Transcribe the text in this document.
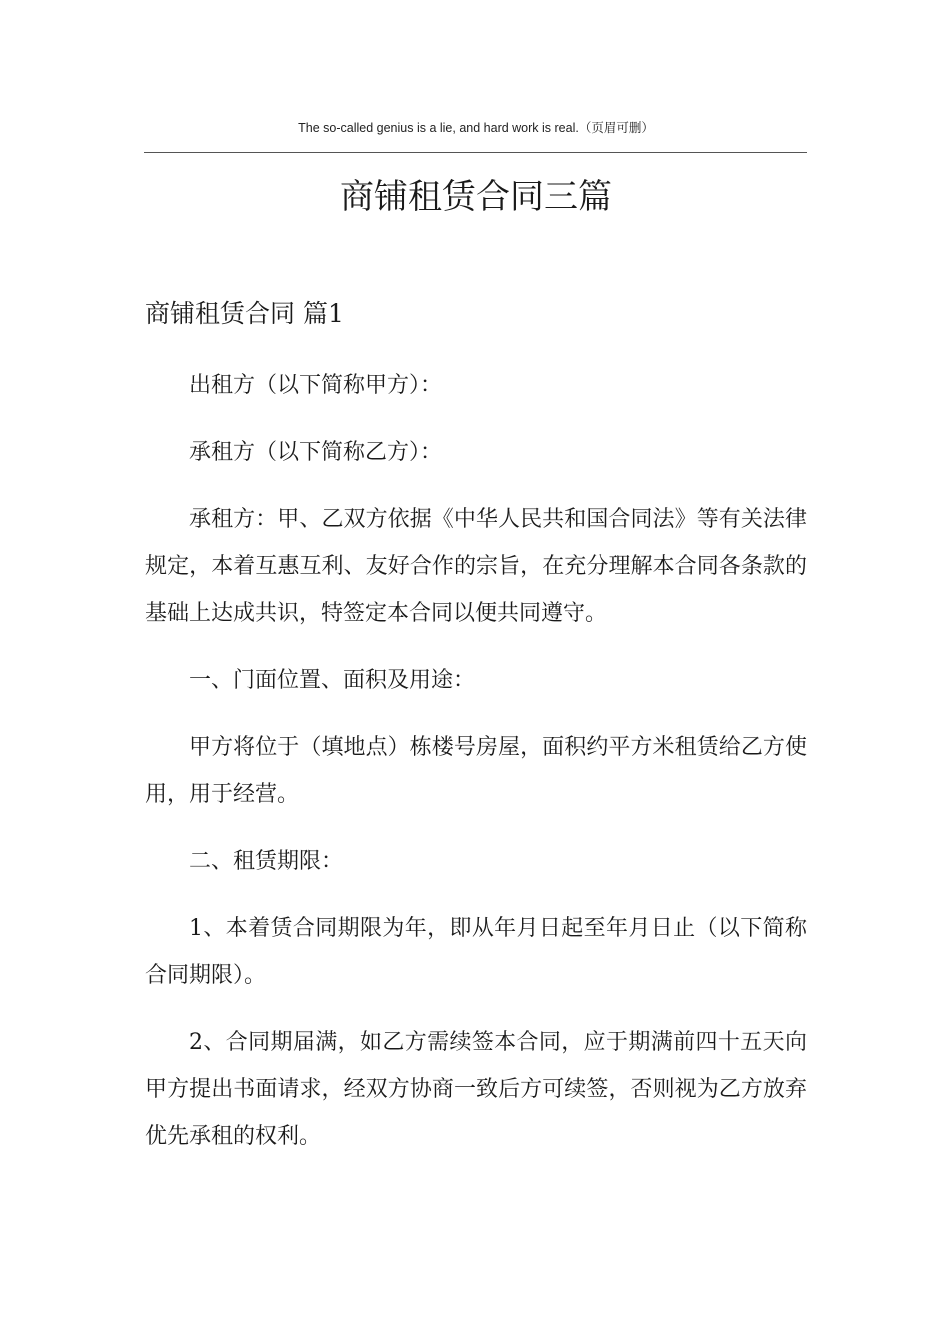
The so-called genius is a lie, and hard work is real.（页眉可删）
商铺租赁合同三篇
商铺租赁合同 篇1

出租方（以下简称甲方）：

承租方（以下简称乙方）：

承租方：甲、乙双方依据《中华人民共和国合同法》等有关法律规定，本着互惠互利、友好合作的宗旨，在充分理解本合同各条款的基础上达成共识，特签定本合同以便共同遵守。

一、门面位置、面积及用途：

甲方将位于（填地点）栋楼号房屋，面积约平方米租赁给乙方使用，用于经营。

二、租赁期限：

1、本着赁合同期限为年，即从年月日起至年月日止（以下简称合同期限）。

2、合同期届满，如乙方需续签本合同，应于期满前四十五天向甲方提出书面请求，经双方协商一致后方可续签，否则视为乙方放弃优先承租的权利。
